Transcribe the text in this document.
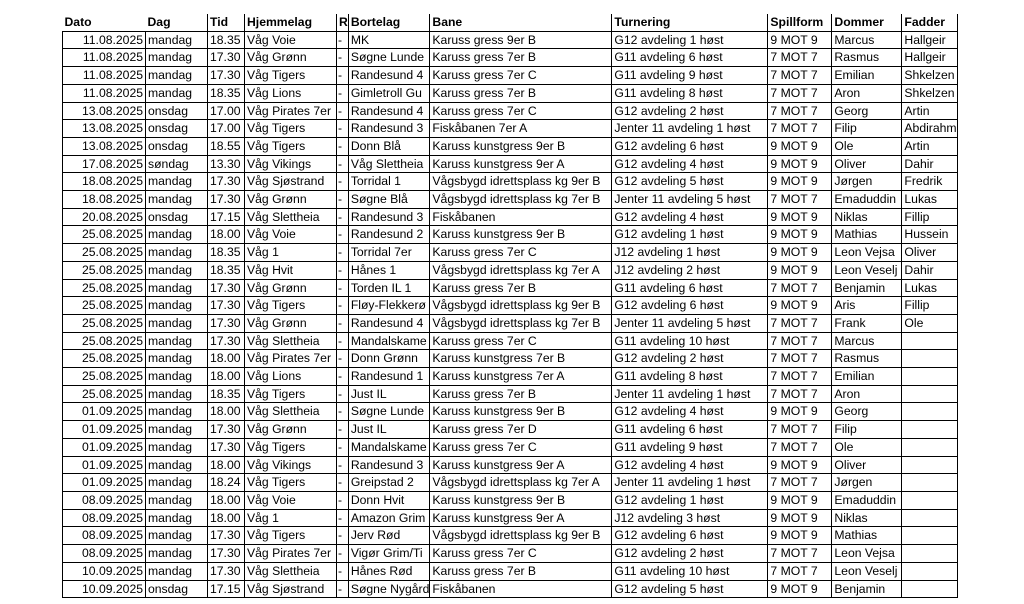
Dato	Dag	Tid	Hjemmelag	R	Bortelag	Bane	Turnering	Spillform	Dommer	Fadder
11.08.2025	mandag	18.35	Våg Voie	-	MK	Karuss gress 9er B	G12 avdeling 1 høst	9 MOT 9	Marcus	Hallgeir
11.08.2025	mandag	17.30	Våg Grønn	-	Søgne Lunde	Karuss gress 7er B	G11 avdeling 6 høst	7 MOT 7	Rasmus	Hallgeir
11.08.2025	mandag	17.30	Våg Tigers	-	Randesund 4	Karuss gress 7er C	G11 avdeling 9 høst	7 MOT 7	Emilian	Shkelzen
11.08.2025	mandag	18.35	Våg Lions	-	Gimletroll Gu	Karuss gress 7er B	G11 avdeling 8 høst	7 MOT 7	Aron	Shkelzen
13.08.2025	onsdag	17.00	Våg Pirates 7er	-	Randesund 4	Karuss gress 7er C	G12 avdeling 2 høst	7 MOT 7	Georg	Artin
13.08.2025	onsdag	17.00	Våg Tigers	-	Randesund 3	Fiskåbanen 7er A	Jenter 11 avdeling 1 høst	7 MOT 7	Filip	Abdirahm
13.08.2025	onsdag	18.55	Våg Tigers	-	Donn Blå	Karuss kunstgress 9er B	G12 avdeling 6 høst	9 MOT 9	Ole	Artin
17.08.2025	søndag	13.30	Våg Vikings	-	Våg Slettheia	Karuss kunstgress 9er A	G12 avdeling 4 høst	9 MOT 9	Oliver	Dahir
18.08.2025	mandag	17.30	Våg Sjøstrand	-	Torridal 1	Vågsbygd idrettsplass kg 9er B	G12 avdeling 5 høst	9 MOT 9	Jørgen	Fredrik
18.08.2025	mandag	17.30	Våg Grønn	-	Søgne Blå	Vågsbygd idrettsplass kg 7er B	Jenter 11 avdeling 5 høst	7 MOT 7	Emaduddin	Lukas
20.08.2025	onsdag	17.15	Våg Slettheia	-	Randesund 3	Fiskåbanen	G12 avdeling 4 høst	9 MOT 9	Niklas	Fillip
25.08.2025	mandag	18.00	Våg Voie	-	Randesund 2	Karuss kunstgress 9er B	G12 avdeling 1 høst	9 MOT 9	Mathias	Hussein
25.08.2025	mandag	18.35	Våg 1	-	Torridal 7er	Karuss gress 7er C	J12 avdeling 1 høst	9 MOT 9	Leon Vejsa	Oliver
25.08.2025	mandag	18.35	Våg Hvit	-	Hånes 1	Vågsbygd idrettsplass kg 7er A	J12 avdeling 2 høst	9 MOT 9	Leon Veselj	Dahir
25.08.2025	mandag	17.30	Våg Grønn	-	Torden IL 1	Karuss gress 7er B	G11 avdeling 6 høst	7 MOT 7	Benjamin	Lukas
25.08.2025	mandag	17.30	Våg Tigers	-	Fløy-Flekkerø	Vågsbygd idrettsplass kg 9er B	G12 avdeling 6 høst	9 MOT 9	Aris	Fillip
25.08.2025	mandag	17.30	Våg Grønn	-	Randesund 4	Vågsbygd idrettsplass kg 7er B	Jenter 11 avdeling 5 høst	7 MOT 7	Frank	Ole
25.08.2025	mandag	17.30	Våg Slettheia	-	Mandalskame	Karuss gress 7er C	G11 avdeling 10 høst	7 MOT 7	Marcus	
25.08.2025	mandag	18.00	Våg Pirates 7er	-	Donn Grønn	Karuss kunstgress 7er B	G12 avdeling 2 høst	7 MOT 7	Rasmus	
25.08.2025	mandag	18.00	Våg Lions	-	Randesund 1	Karuss kunstgress 7er A	G11 avdeling 8 høst	7 MOT 7	Emilian	
25.08.2025	mandag	18.35	Våg Tigers	-	Just IL	Karuss gress 7er B	Jenter 11 avdeling 1 høst	7 MOT 7	Aron	
01.09.2025	mandag	18.00	Våg Slettheia	-	Søgne Lunde	Karuss kunstgress 9er B	G12 avdeling 4 høst	9 MOT 9	Georg	
01.09.2025	mandag	17.30	Våg Grønn	-	Just IL	Karuss gress 7er D	G11 avdeling 6 høst	7 MOT 7	Filip	
01.09.2025	mandag	17.30	Våg Tigers	-	Mandalskame	Karuss gress 7er C	G11 avdeling 9 høst	7 MOT 7	Ole	
01.09.2025	mandag	18.00	Våg Vikings	-	Randesund 3	Karuss kunstgress 9er A	G12 avdeling 4 høst	9 MOT 9	Oliver	
01.09.2025	mandag	18.24	Våg Tigers	-	Greipstad 2	Vågsbygd idrettsplass kg 7er A	Jenter 11 avdeling 1 høst	7 MOT 7	Jørgen	
08.09.2025	mandag	18.00	Våg Voie	-	Donn Hvit	Karuss kunstgress 9er B	G12 avdeling 1 høst	9 MOT 9	Emaduddin	
08.09.2025	mandag	18.00	Våg 1	-	Amazon Grim	Karuss kunstgress 9er A	J12 avdeling 3 høst	9 MOT 9	Niklas	
08.09.2025	mandag	17.30	Våg Tigers	-	Jerv Rød	Vågsbygd idrettsplass kg 9er B	G12 avdeling 6 høst	9 MOT 9	Mathias	
08.09.2025	mandag	17.30	Våg Pirates 7er	-	Vigør Grim/Ti	Karuss gress 7er C	G12 avdeling 2 høst	7 MOT 7	Leon Vejsa	
10.09.2025	mandag	17.30	Våg Slettheia	-	Hånes Rød	Karuss gress 7er B	G11 avdeling 10 høst	7 MOT 7	Leon Veselj	
10.09.2025	onsdag	17.15	Våg Sjøstrand	-	Søgne Nygård	Fiskåbanen	G12 avdeling 5 høst	9 MOT 9	Benjamin	
